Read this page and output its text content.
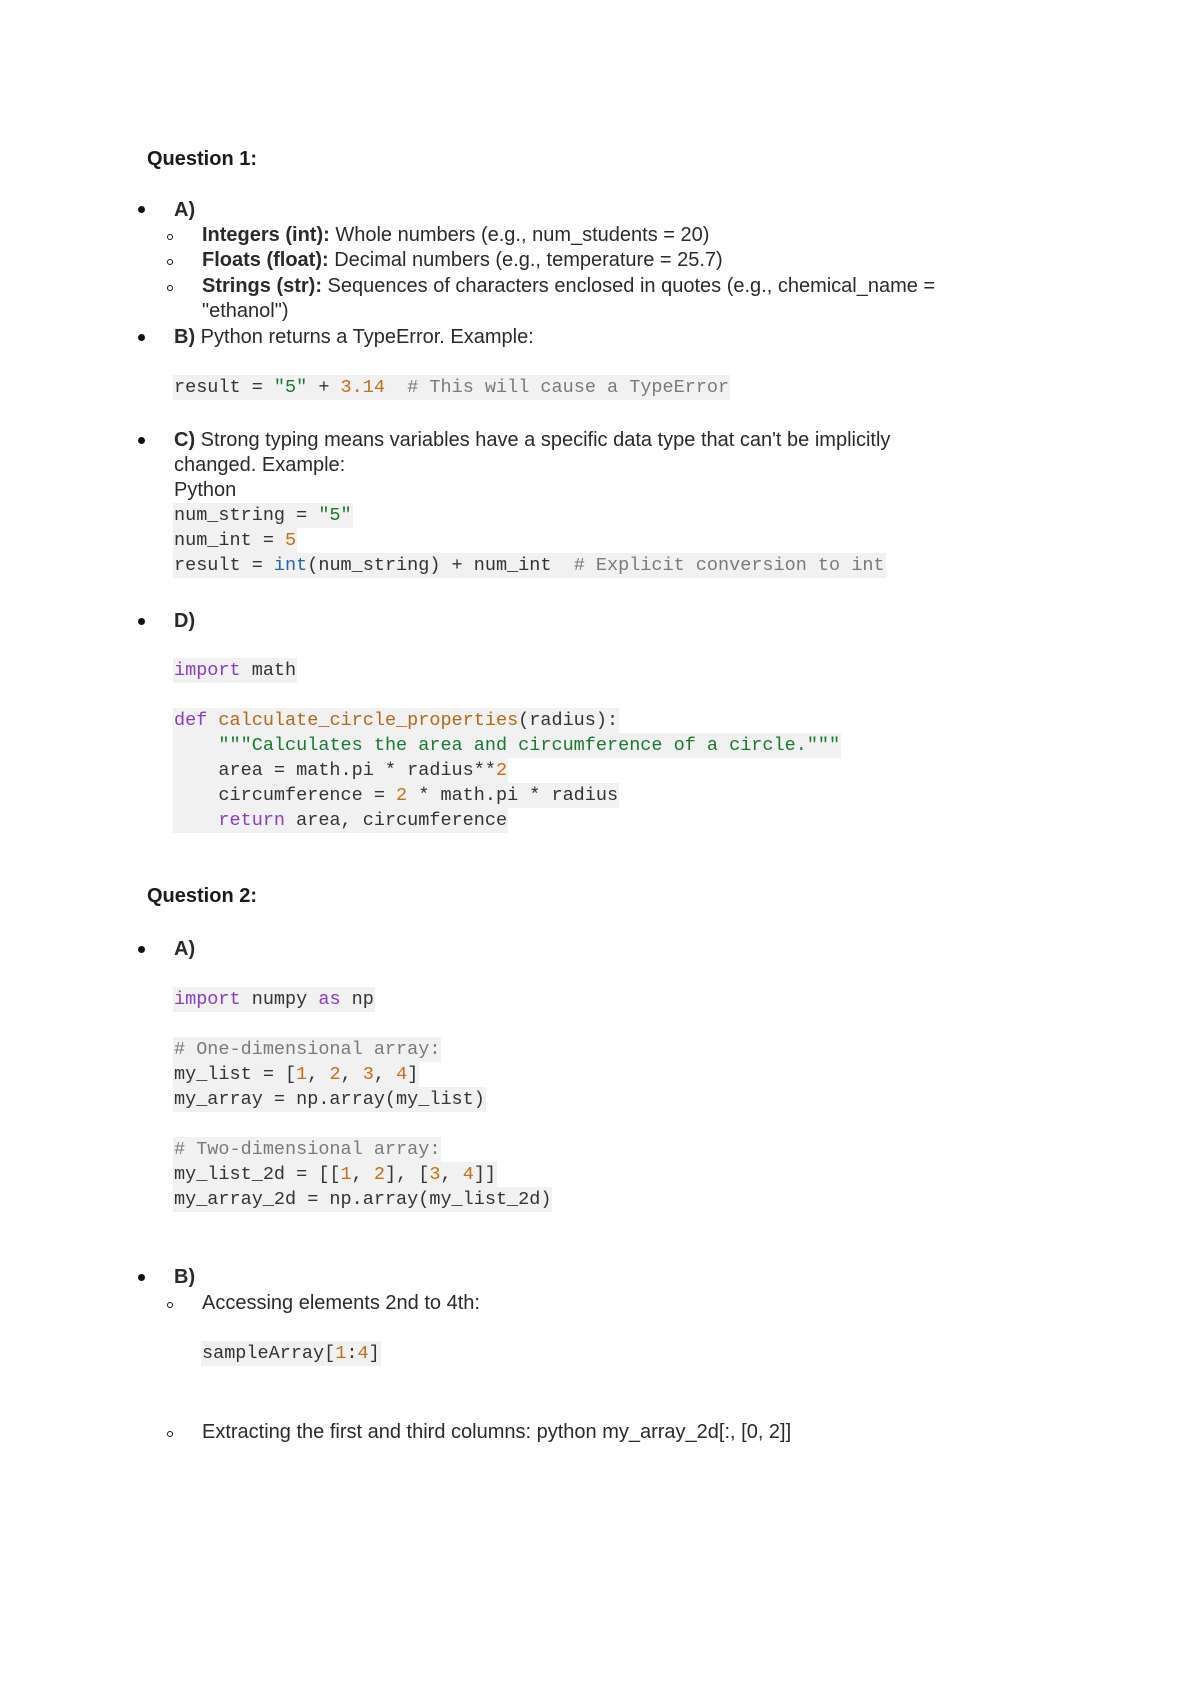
Question 1:
A)
Integers (int): Whole numbers (e.g., num_students = 20)
Floats (float): Decimal numbers (e.g., temperature = 25.7)
Strings (str): Sequences of characters enclosed in quotes (e.g., chemical_name =
"ethanol")
B) Python returns a TypeError. Example:
result = "5" + 3.14 # This will cause a TypeError
C) Strong typing means variables have a specific data type that can't be implicitly
changed. Example:
Python
num_string = "5"
num_int = 5
result = int(num_string) + num_int  # Explicit conversion to int
D)
import math
def calculate_circle_properties(radius):
"""Calculates the area and circumference of a circle."""
area = math.pi * radius**2
circumference = 2 * math.pi * radius
return area, circumference
Question 2:
A)
import numpy as np
# One-dimensional array:
my_list = [1, 2, 3, 4]
my_array = np.array(my_list)
# Two-dimensional array:
my_list_2d = [[1, 2], [3, 4]]
my_array_2d = np.array(my_list_2d)
B)
Accessing elements 2nd to 4th:
sampleArray[1:4]
Extracting the first and third columns: python my_array_2d[:, [0, 2]]
